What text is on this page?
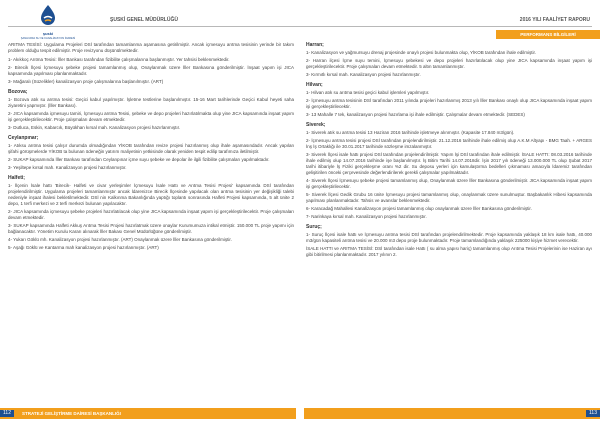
şuski
ŞANLIURFA SU VE KANALİZASYON İDARESİ
ŞUSKİ GENEL MÜDÜRLÜĞÜ	2016 YILI FAALİYET RAPORU
PERFORMANS BİLGİLERİ

ARITMA TESİSİ: Uygulama Projeleri DSİ tarafından tamamlanma aşamasına getirilmiştir. Ancak içmesuyu arıtma tesisinin yerinde bir takım problem olduğu tespit edilmiştir. Proje revizyonu düşünülmektedir.

1- Akıkkoç Arıtma Tesisi: İller Bankası tarafından fizibilite çalışmalarına başlanmıştır. Yer tahsisi beklenmektedir.

2- Birecik İlçesi İçmesuyu şebeke projesi tamamlanmış olup, Onaylanmak üzere İller Bankasına gönderilmiştir. İnşaat yapım işi JICA kapsamında yapılması planlanmaktadır.

3- Mağaralı (Süzelikler) kanalizasyon proje çalışmalarına başlanılmıştır. (ART)

Bozova;

1- Bozova atık su arıtma tesisi: Geçici kabul yapılmıştır. İşletme testlerine başlanılmıştır. 15-16 Mart tarihlerinde Geçici Kabul heyeti saha ziyaretini yapmıştır. (İller Bankası).

2- JICA kapsamında içmesuyu tamiri, İçmesuyu arıtma Tesisi, şebeke ve depo projeleri hazırlatılmakta olup yine JICA kapsamında inşaat yapım işi gerçekleştirilecektir. Proje çalışmaları devam etmektedir.

3- Dutluca, Eskin, Kabarcık, Büyükhan kırsal mah. Kanalizasyon projesi hazırlanmıştır.

Ceylanpınar;

1- Atıksu arıtma tesisi çalışır durumda olmadığından YİKOB tarafından revize projesi hazırlanmış olup ihale aşamasındadır. Ancak yapılan şifahi görüşmelerde YİKOB ta bulunan ödeneğin yatırım maliyetinin yetkisinde olarak yeniden tespit edilip tarafımıza iletilmiştir.

2- SUKAP kapsamında İller Bankası tarafından Ceylanpınar içme suyu şebeke ve depolar ile ilgili fizibilite çalışmaları yapılmaktadır.

3- Yeşiltepe kırsal mah. Kanalizasyon projesi hazırlanmıştır.

Halfeti;

1- İlçenin İsale hattı 'Birecik- Halfeti ve civar yerleşimler İçmesuyu İsale Hattı ve Arıtma Tesisi Projesi' kapsamında DSİ tarafından projelendirilmiştir. Uygulama projeleri tamamlanmıştır ancak İdarenizce Birecik İlçesinde yapılacak olan arıtma tesisinin yer değişikliği talebi nedeniyle inşaat ihalesi bekletilmektedir. DSİ nin Kalkınma Bakanlığında yaptığı toplantı sonrasında Halfeti Projesi kapsamında, 5 alt ünite 2 depo, 1 terfi merkezi ve 2 terfi merkezi bulunan yapılacaktır.

2- JICA kapsamında içmesuyu şebeke projeleri hazırlatılacak olup yine JICA kapsamında inşaat yapım işi gerçekleştirilecektir. Proje çalışmaları devam etmektedir.

3- SUKAP kapsamında Halfeti Akkuş Arıtma Tesisi Projesi hazırlatmak üzere onaylar Kurumumuza intikal etmiştir. 150.000 TL proje yapımı için bağlanacaktır. Yönetim Kurulu Kararı alınarak İller Bakası Genel Müdürlüğüne gönderilmiştir.

4- Yukarı Göklü mh. Kanalizasyon projesi hazırlanmıştır. (ART) Onaylanmak üzere İller Bankasına gönderilmiştir.

5- Aşağı Göklü ve Kantarma mah kanalizasyon projesi hazırlanmıştır. (ART)

Harran;

1- Kanalizasyon ve yağmursuyu drenaj projesinde onaylı projesi bulunmakta olup, YİKOB tarafından ihale edilmiştir.

2- Harran ilçesi İçme suyu temini, İçmesuyu şebekesi ve depo projeleri hazırlatılacak olup yine JICA kapsamında inşaat yapım işi gerçekleştirilecektir. Proje çalışmaları devam etmektedir. 5 altın tamamlanmıştır.

3- Kırmıtlı kırsal mah. Kanalizasyon projesi hazırlanmıştır.

Hilvan;

1- Hilvan atık su arıtma tesisi geçici kabul işlemleri yapılmıştır.

2- İçmesuyu arıtma tesisinin DSİ tarafından 2011 yılında projeleri hazırlanmış 2013 yılı İller Bankası onaylı olup JICA kapsamında inşaat yapım işi gerçekleştirilecektir.

3- 13 Mahalle 7 tek, kanalizasyon projesi hazırlama işi ihale edilmiştir. Çalışmalar devam etmektedir. (SEDES)

Siverek;

1- Siverek atık su arıtma tesisi 13 Haziran 2016 tarihinde işletmeye alınmıştır. (Kapasite 17.840 m3/gün).

2- İçmesuyu arıtma tesisi projesi DSİ tarafından projelendirilmiştir. 21.12.2016 tarihinde ihale edilmiş olup A.K.M Altyapı - BMG Taah. + ARGES İnş İş Ortaklığı ile 30.01.2017 tarihinde sözleşme imzalanmıştır.

3- Siverek İlçesi isale hattı projesi DSİ tarafından projelendirilmiştir. Yapım İşi DSİ tarafından ihale edilmiştir. İSALE HATTI: 08.03.2016 tarihinde ihale edilmiş olup 14.07.2016 tarihinde işe başlanılmıştır. İş Bitim Tarihi 14.07.2018dir. İşin 2017 yılı ödeneği 13.000.000 TL olup Şubat 2017 tarihi itibariyle İş Fiziki gerçekleşme oranı %2 dir. Su deposu yerleri için kamulaştırma bedelleri çıkmaması amacıyla İdaremiz tarafından gelişitirilen önceki çerçevesinde değerlendirilerek gerekli çalışmalar yapılmaktadır.

4- Siverek İlçesi İçmesuyu şebeke projesi tamamlanmış olup, Onaylanmak üzere İller Bankasına gönderilmiştir. JICA kapsamında inşaat yapım işi gerçekleştirilecektir.

5- Siverek İlçesi Gedik Grubu 16 ünite İçmesuyu projesi tamamlanmış olup, onaylanmak üzere sunulmuştur. Başbakanlık Hibesi kapsamında yapılması planlanmaktadır. Tahsis ve avanslar beklenmektedir.

6- Karacadağ Mahallesi Kanalizasyon projesi tamamlanmış olup onaylanmak üzere İller Bankasına gönderilmiştir.

7- Narinkaya kırsal mah. Kanalizasyon projesi hazırlanmıştır.

Suruç;

1- Suruç İlçesi isale hattı ve İçmesuyu arıtma tesisi DSİ tarafından projelendirilmektedir. Proje kapsamında yaklaşık 18 km isale hattı, 40.000 m3/gün kapasiteli arıtma tesisi ve 20.000 m3 depo proje bulunmaktadır. Proje tamamlandığında yaklaşık 225000 kişiye hizmet verecektir.

İSALE HATTI ve ARITMA TESİSİ: DSİ tarafından isale Hattı ( su alma yapısı hariç) tamamlanmış olup Arıtma Tesisi Projelerinin ise Haziran ayı gibi bitirilmesi planlanmaktadır. 2017 yılının 2.

STRATEJİ GELİŞTİRME DAİRESİ BAŞKANLIĞI
112	113
